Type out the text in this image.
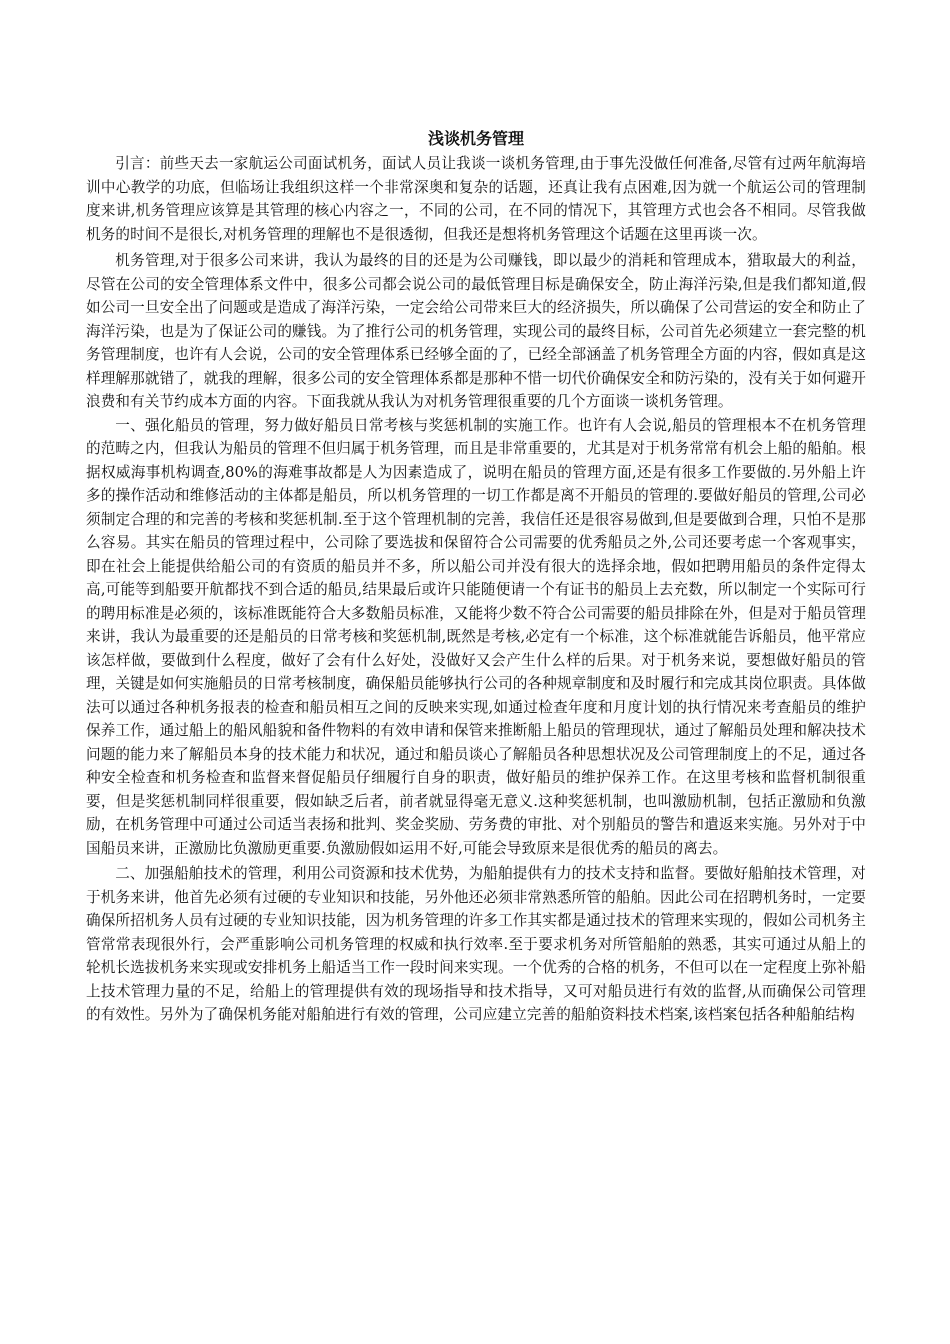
浅谈机务管理

引言：前些天去一家航运公司面试机务，面试人员让我谈一谈机务管理,由于事先没做任何准备,尽管有过两年航海培训中心教学的功底，但临场让我组织这样一个非常深奥和复杂的话题，还真让我有点困难,因为就一个航运公司的管理制度来讲,机务管理应该算是其管理的核心内容之一，不同的公司，在不同的情况下，其管理方式也会各不相同。尽管我做机务的时间不是很长,对机务管理的理解也不是很透彻，但我还是想将机务管理这个话题在这里再谈一次。

机务管理,对于很多公司来讲，我认为最终的目的还是为公司赚钱，即以最少的消耗和管理成本，猎取最大的利益，尽管在公司的安全管理体系文件中，很多公司都会说公司的最低管理目标是确保安全，防止海洋污染,但是我们都知道,假如公司一旦安全出了问题或是造成了海洋污染，一定会给公司带来巨大的经济损失，所以确保了公司营运的安全和防止了海洋污染，也是为了保证公司的赚钱。为了推行公司的机务管理，实现公司的最终目标，公司首先必须建立一套完整的机务管理制度，也许有人会说，公司的安全管理体系已经够全面的了，已经全部涵盖了机务管理全方面的内容，假如真是这样理解那就错了，就我的理解，很多公司的安全管理体系都是那种不惜一切代价确保安全和防污染的，没有关于如何避开浪费和有关节约成本方面的内容。下面我就从我认为对机务管理很重要的几个方面谈一谈机务管理。

一、强化船员的管理，努力做好船员日常考核与奖惩机制的实施工作。也许有人会说,船员的管理根本不在机务管理的范畴之内，但我认为船员的管理不但归属于机务管理，而且是非常重要的，尤其是对于机务常常有机会上船的船舶。根据权威海事机构调查,80%的海难事故都是人为因素造成了，说明在船员的管理方面,还是有很多工作要做的.另外船上许多的操作活动和维修活动的主体都是船员，所以机务管理的一切工作都是离不开船员的管理的.要做好船员的管理,公司必须制定合理的和完善的考核和奖惩机制.至于这个管理机制的完善，我信任还是很容易做到,但是要做到合理，只怕不是那么容易。其实在船员的管理过程中，公司除了要选拔和保留符合公司需要的优秀船员之外,公司还要考虑一个客观事实，即在社会上能提供给船公司的有资质的船员并不多，所以船公司并没有很大的选择余地，假如把聘用船员的条件定得太高,可能等到船要开航都找不到合适的船员,结果最后或许只能随便请一个有证书的船员上去充数，所以制定一个实际可行的聘用标准是必须的，该标准既能符合大多数船员标准，又能将少数不符合公司需要的船员排除在外，但是对于船员管理来讲，我认为最重要的还是船员的日常考核和奖惩机制,既然是考核,必定有一个标准，这个标准就能告诉船员，他平常应该怎样做，要做到什么程度，做好了会有什么好处，没做好又会产生什么样的后果。对于机务来说，要想做好船员的管理，关键是如何实施船员的日常考核制度，确保船员能够执行公司的各种规章制度和及时履行和完成其岗位职责。具体做法可以通过各种机务报表的检查和船员相互之间的反映来实现,如通过检查年度和月度计划的执行情况来考查船员的维护保养工作，通过船上的船风船貌和备件物料的有效申请和保管来推断船上船员的管理现状，通过了解船员处理和解决技术问题的能力来了解船员本身的技术能力和状况，通过和船员谈心了解船员各种思想状况及公司管理制度上的不足，通过各种安全检查和机务检查和监督来督促船员仔细履行自身的职责，做好船员的维护保养工作。在这里考核和监督机制很重要，但是奖惩机制同样很重要，假如缺乏后者，前者就显得毫无意义.这种奖惩机制，也叫激励机制，包括正激励和负激励，在机务管理中可通过公司适当表扬和批判、奖金奖励、劳务费的审批、对个别船员的警告和遣返来实施。另外对于中国船员来讲，正激励比负激励更重要.负激励假如运用不好,可能会导致原来是很优秀的船员的离去。

二、加强船舶技术的管理，利用公司资源和技术优势，为船舶提供有力的技术支持和监督。要做好船舶技术管理，对于机务来讲，他首先必须有过硬的专业知识和技能，另外他还必须非常熟悉所管的船舶。因此公司在招聘机务时，一定要确保所招机务人员有过硬的专业知识技能，因为机务管理的许多工作其实都是通过技术的管理来实现的，假如公司机务主管常常表现很外行，会严重影响公司机务管理的权威和执行效率.至于要求机务对所管船舶的熟悉，其实可通过从船上的轮机长选拔机务来实现或安排机务上船适当工作一段时间来实现。一个优秀的合格的机务，不但可以在一定程度上弥补船上技术管理力量的不足，给船上的管理提供有效的现场指导和技术指导，又可对船员进行有效的监督,从而确保公司管理的有效性。另外为了确保机务能对船舶进行有效的管理，公司应建立完善的船舶资料技术档案,该档案包括各种船舶结构
